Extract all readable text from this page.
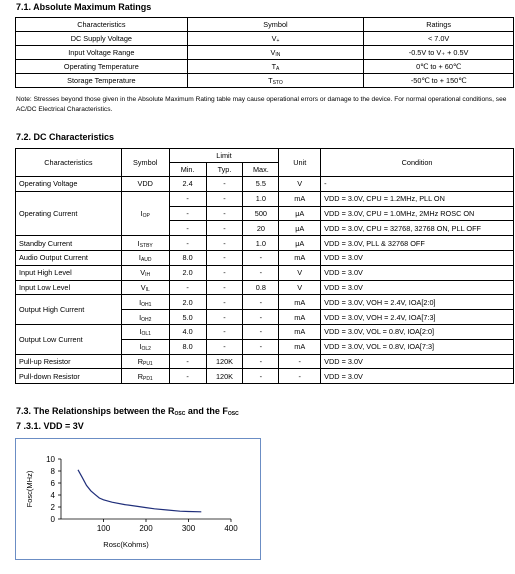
7.1. Absolute Maximum Ratings
Characteristics	Symbol	Ratings
DC Supply Voltage	$V_+$	< 7.0V
Input Voltage Range	$V_{IN}$	-0.5V to V₊ + 0.5V
Operating Temperature	$T_A$	0℃ to + 60℃
Storage Temperature	$T_{STO}$	-50℃ to + 150℃
Note: Stresses beyond those given in the Absolute Maximum Rating table may cause operational errors or damage to the device. For normal operational conditions, see AC/DC Electrical Characteristics.
7.2. DC Characteristics
Characteristics	Symbol	Limit			Unit	Condition
		Min.	Typ.	Max.		
Operating Voltage	VDD	2.4	-	5.5	V	-
Operating Current	$I_{OP}$	-	-	1.0	mA	VDD = 3.0V, CPU = 1.2MHz, PLL ON
		-	-	500	μA	VDD = 3.0V, CPU = 1.0MHz, 2MHz ROSC ON
		-	-	20	μA	VDD = 3.0V, CPU = 32768, 32768 ON, PLL OFF
Standby Current	$I_{STBY}$	-	-	1.0	μA	VDD = 3.0V, PLL & 32768 OFF
Audio Output Current	$I_{AUD}$	8.0	-	-	mA	VDD = 3.0V
Input High Level	$V_{IH}$	2.0	-	-	V	VDD = 3.0V
Input Low Level	$V_{IL}$	-	-	0.8	V	VDD = 3.0V
Output High Current	$I_{OH1}$	2.0	-	-	mA	VDD = 3.0V, VOH = 2.4V, IOA[2:0]
	$I_{OH2}$	5.0	-	-	mA	VDD = 3.0V, VOH = 2.4V, IOA[7:3]
Output Low Current	$I_{OL1}$	4.0	-	-	mA	VDD = 3.0V, VOL = 0.8V, IOA[2:0]
	$I_{OL2}$	8.0	-	-	mA	VDD = 3.0V, VOL = 0.8V, IOA[7:3]
Pull-up Resistor	$R_{PU1}$	-	120K	-	-	VDD = 3.0V
Pull-down Resistor	$R_{PD1}$	-	120K	-	-	VDD = 3.0V
7.3. The Relationships between the $R_{OSC}$ and the $F_{OSC}$
7 .3.1. VDD = 3V
0
2
4
6
8
10
100	200	300	400
Rosc(Kohms)
Fosc(MHz)
